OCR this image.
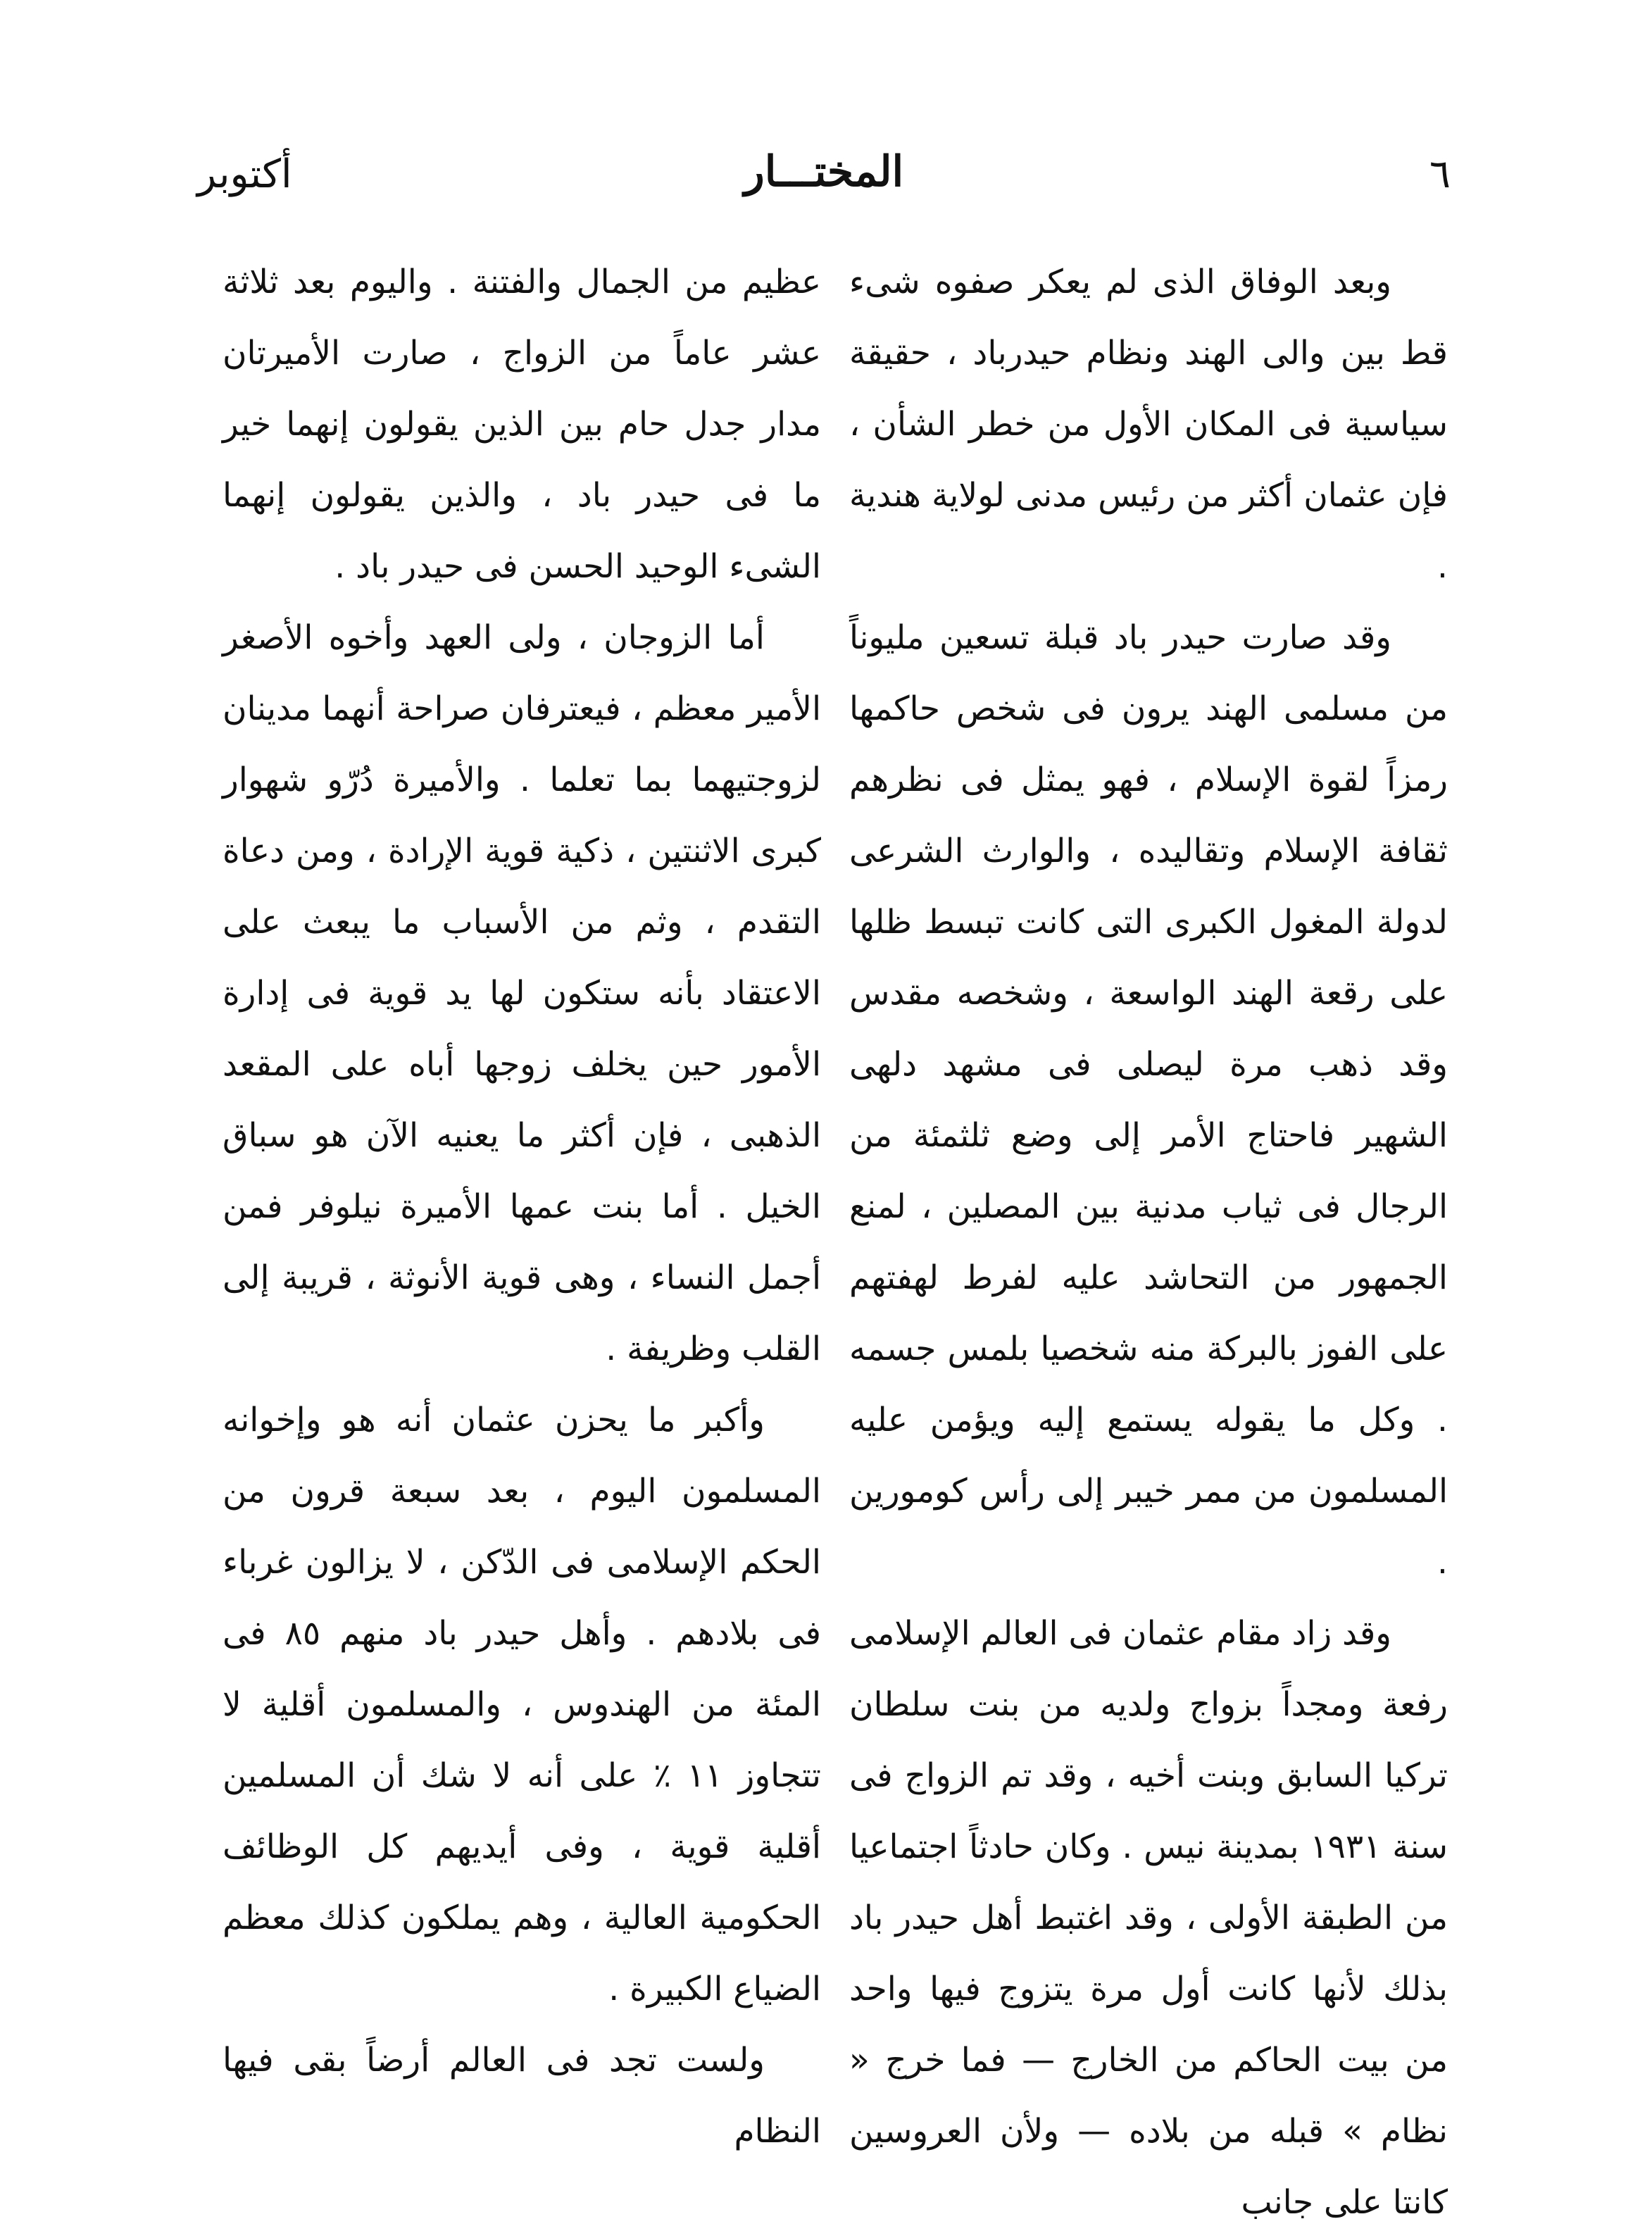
٦
المختـــار
أكتوبر

وبعد الوفاق الذى لم يعكر صفوه شىء قط بين والى الهند ونظام حيدرباد ، حقيقة سياسية فى المكان الأول من خطر الشأن ، فإن عثمان أكثر من رئيس مدنى لولاية هندية .

وقد صارت حيدر باد قبلة تسعين مليوناً من مسلمى الهند يرون فى شخص حاكمها رمزاً لقوة الإسلام ، فهو يمثل فى نظرهم ثقافة الإسلام وتقاليده ، والوارث الشرعى لدولة المغول الكبرى التى كانت تبسط ظلها على رقعة الهند الواسعة ، وشخصه مقدس وقد ذهب مرة ليصلى فى مشهد دلهى الشهير فاحتاج الأمر إلى وضع ثلثمئة من الرجال فى ثياب مدنية بين المصلين ، لمنع الجمهور من التحاشد عليه لفرط لهفتهم على الفوز بالبركة منه شخصيا بلمس جسمه . وكل ما يقوله يستمع إليه ويؤمن عليه المسلمون من ممر خيبر إلى رأس كومورين .

وقد زاد مقام عثمان فى العالم الإسلامى رفعة ومجداً بزواج ولديه من بنت سلطان تركيا السابق وبنت أخيه ، وقد تم الزواج فى سنة ١٩٣١ بمدينة نيس . وكان حادثاً اجتماعيا من الطبقة الأولى ، وقد اغتبط أهل حيدر باد بذلك لأنها كانت أول مرة يتزوج فيها واحد من بيت الحاكم من الخارج — فما خرج « نظام » قبله من بلاده — ولأن العروسين كانتا على جانب

عظيم من الجمال والفتنة . واليوم بعد ثلاثة عشر عاماً من الزواج ، صارت الأميرتان مدار جدل حام بين الذين يقولون إنهما خير ما فى حيدر باد ، والذين يقولون إنهما الشىء الوحيد الحسن فى حيدر باد .

أما الزوجان ، ولى العهد وأخوه الأصغر الأمير معظم ، فيعترفان صراحة أنهما مدينان لزوجتيهما بما تعلما . والأميرة دُرّو شهوار كبرى الاثنتين ، ذكية قوية الإرادة ، ومن دعاة التقدم ، وثم من الأسباب ما يبعث على الاعتقاد بأنه ستكون لها يد قوية فى إدارة الأمور حين يخلف زوجها أباه على المقعد الذهبى ، فإن أكثر ما يعنيه الآن هو سباق الخيل . أما بنت عمها الأميرة نيلوفر فمن أجمل النساء ، وهى قوية الأنوثة ، قريبة إلى القلب وظريفة .

وأكبر ما يحزن عثمان أنه هو وإخوانه المسلمون اليوم ، بعد سبعة قرون من الحكم الإسلامى فى الدّكن ، لا يزالون غرباء فى بلادهم . وأهل حيدر باد منهم ٨٥ فى المئة من الهندوس ، والمسلمون أقلية لا تتجاوز ١١ ٪ على أنه لا شك أن المسلمين أقلية قوية ، وفى أيديهم كل الوظائف الحكومية العالية ، وهم يملكون كذلك معظم الضياع الكبيرة .

ولست تجد فى العالم أرضاً بقى فيها النظام
